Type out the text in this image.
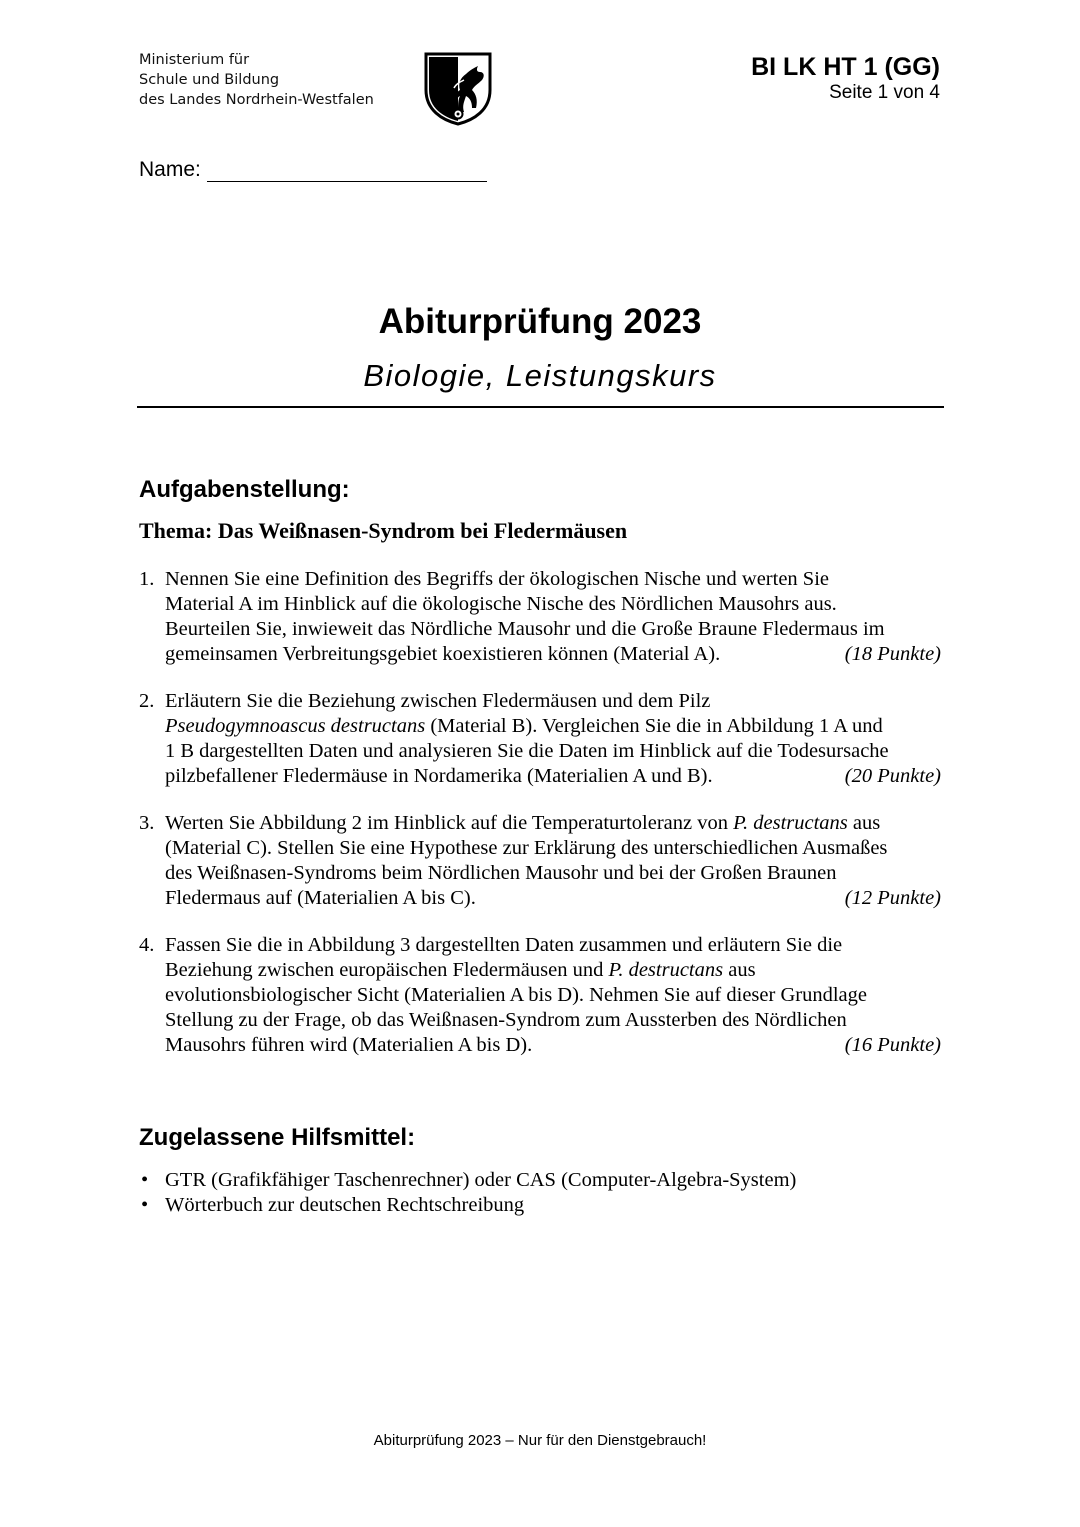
Ministerium für
Schule und Bildung
des Landes Nordrhein-Westfalen
BI LK HT 1 (GG)
Seite 1 von 4
Name:
Abiturprüfung 2023
Biologie, Leistungskurs
Aufgabenstellung:
Thema: Das Weißnasen-Syndrom bei Fledermäusen
1. Nennen Sie eine Definition des Begriffs der ökologischen Nische und werten Sie
Material A im Hinblick auf die ökologische Nische des Nördlichen Mausohrs aus.
Beurteilen Sie, inwieweit das Nördliche Mausohr und die Große Braune Fledermaus im
(18 Punkte)
gemeinsamen Verbreitungsgebiet koexistieren können (Material A).
2. Erläutern Sie die Beziehung zwischen Fledermäusen und dem Pilz
Pseudogymnoascus destructans (Material B). Vergleichen Sie die in Abbildung 1 A und
1 B dargestellten Daten und analysieren Sie die Daten im Hinblick auf die Todesursache
(20 Punkte)
pilzbefallener Fledermäuse in Nordamerika (Materialien A und B).
3. Werten Sie Abbildung 2 im Hinblick auf die Temperaturtoleranz von P. destructans aus
(Material C). Stellen Sie eine Hypothese zur Erklärung des unterschiedlichen Ausmaßes
des Weißnasen-Syndroms beim Nördlichen Mausohr und bei der Großen Braunen
(12 Punkte)
Fledermaus auf (Materialien A bis C).
4. Fassen Sie die in Abbildung 3 dargestellten Daten zusammen und erläutern Sie die
Beziehung zwischen europäischen Fledermäusen und P. destructans aus
evolutionsbiologischer Sicht (Materialien A bis D). Nehmen Sie auf dieser Grundlage
Stellung zu der Frage, ob das Weißnasen-Syndrom zum Aussterben des Nördlichen
(16 Punkte)
Mausohrs führen wird (Materialien A bis D).
Zugelassene Hilfsmittel:
• GTR (Grafikfähiger Taschenrechner) oder CAS (Computer-Algebra-System)
• Wörterbuch zur deutschen Rechtschreibung
Abiturprüfung 2023 – Nur für den Dienstgebrauch!
